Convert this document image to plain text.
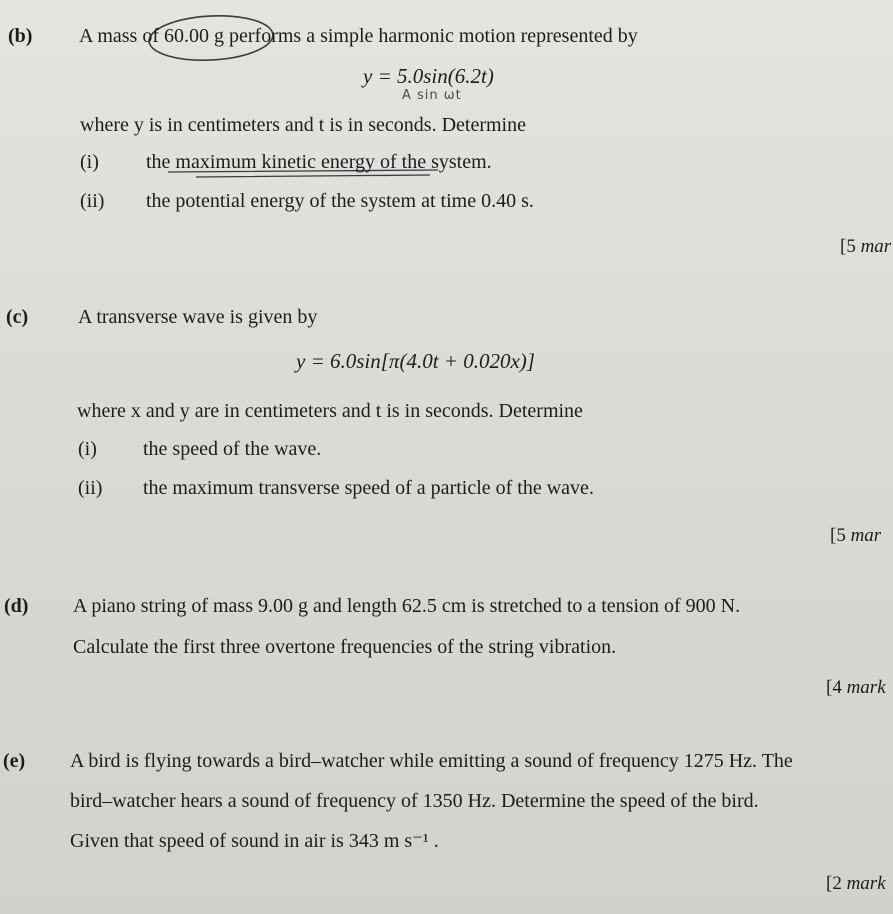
(b) A mass of 60.00 g performs a simple harmonic motion represented by
y = 5.0sin(6.2t)
A sin ωt
where y is in centimeters and t is in seconds. Determine
(i) the maximum kinetic energy of the system.
(ii) the potential energy of the system at time 0.40 s.
[5 mar
(c) A transverse wave is given by
y = 6.0sin[π(4.0t + 0.020x)]
where x and y are in centimeters and t is in seconds. Determine
(i) the speed of the wave.
(ii) the maximum transverse speed of a particle of the wave.
[5 mar
(d) A piano string of mass 9.00 g and length 62.5 cm is stretched to a tension of 900 N.
Calculate the first three overtone frequencies of the string vibration.
[4 mark
(e) A bird is flying towards a bird–watcher while emitting a sound of frequency 1275 Hz. The
bird–watcher hears a sound of frequency of 1350 Hz. Determine the speed of the bird.
Given that speed of sound in air is 343 m s⁻¹ .
[2 mark
